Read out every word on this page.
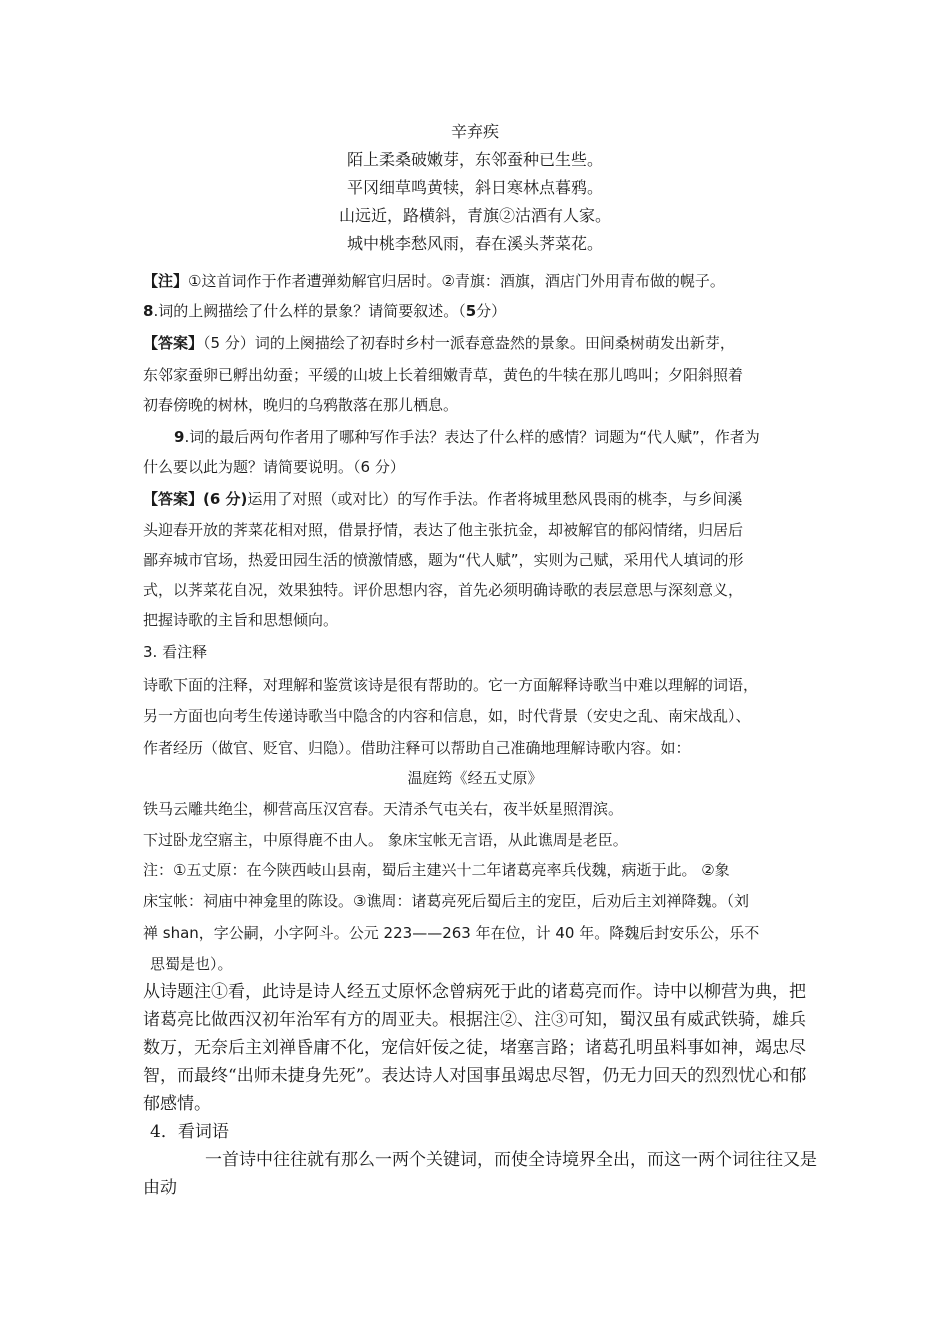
辛弃疾
陌上柔桑破嫩芽，东邻蚕种已生些。
平冈细草鸣黄犊，斜日寒林点暮鸦。
山远近，路横斜，青旗②沽酒有人家。
城中桃李愁风雨，春在溪头荠菜花。
【注】①这首词作于作者遭弹劾解官归居时。②青旗：酒旗，酒店门外用青布做的幌子。
8.词的上阙描绘了什么样的景象？请简要叙述。（5分）
【答案】（5 分）词的上阕描绘了初春时乡村一派春意盎然的景象。田间桑树萌发出新芽，
东邻家蚕卵已孵出幼蚕；平缓的山坡上长着细嫩青草，黄色的牛犊在那儿鸣叫；夕阳斜照着
初春傍晚的树林，晚归的乌鸦散落在那儿栖息。
9.词的最后两句作者用了哪种写作手法？表达了什么样的感情？词题为“代人赋”，作者为
什么要以此为题？请简要说明。（6 分）
【答案】(6 分)运用了对照（或对比）的写作手法。作者将城里愁风畏雨的桃李，与乡间溪
头迎春开放的荠菜花相对照，借景抒情，表达了他主张抗金，却被解官的郁闷情绪，归居后
鄙弃城市官场，热爱田园生活的愤激情感，题为“代人赋”，实则为己赋，采用代人填词的形
式，以荠菜花自况，效果独特。评价思想内容，首先必须明确诗歌的表层意思与深刻意义，
把握诗歌的主旨和思想倾向。
3. 看注释
诗歌下面的注释，对理解和鉴赏该诗是很有帮助的。它一方面解释诗歌当中难以理解的词语，
另一方面也向考生传递诗歌当中隐含的内容和信息，如，时代背景（安史之乱、南宋战乱）、
作者经历（做官、贬官、归隐）。借助注释可以帮助自己准确地理解诗歌内容。如：
温庭筠《经五丈原》
铁马云雕共绝尘，柳营高压汉宫春。天清杀气屯关右，夜半妖星照渭滨。
下过卧龙空寤主，中原得鹿不由人。 象床宝帐无言语，从此谯周是老臣。
注：①五丈原：在今陕西岐山县南，蜀后主建兴十二年诸葛亮率兵伐魏，病逝于此。 ②象
床宝帐：祠庙中神龛里的陈设。③谯周：诸葛亮死后蜀后主的宠臣，后劝后主刘禅降魏。（刘
禅 shan，字公嗣，小字阿斗。公元 223——263 年在位，计 40 年。降魏后封安乐公，乐不
思蜀是也）。
从诗题注①看，此诗是诗人经五丈原怀念曾病死于此的诸葛亮而作。诗中以柳营为典，把
诸葛亮比做西汉初年治军有方的周亚夫。根据注②、注③可知，蜀汉虽有威武铁骑，雄兵
数万，无奈后主刘禅昏庸不化，宠信奸佞之徒，堵塞言路；诸葛孔明虽料事如神，竭忠尽
智，而最终“出师未捷身先死”。表达诗人对国事虽竭忠尽智，仍无力回天的烈烈忧心和郁
郁感情。
4．看词语
一首诗中往往就有那么一两个关键词，而使全诗境界全出，而这一两个词往往又是
由动
